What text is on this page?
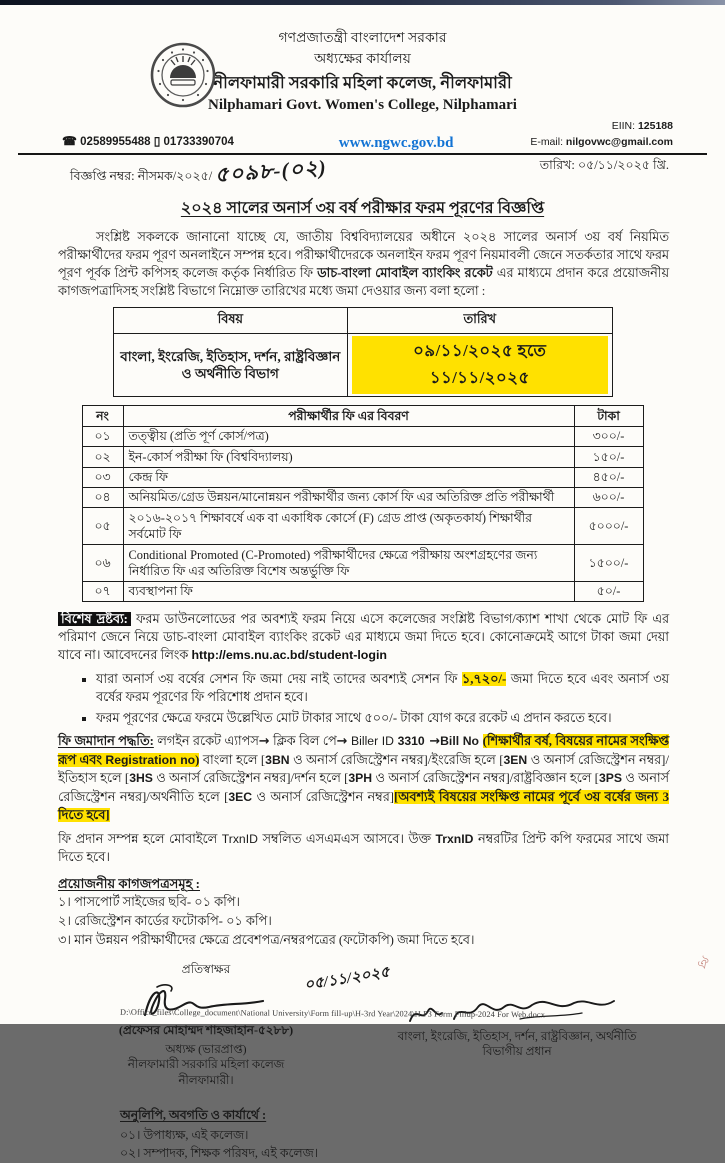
গণপ্রজাতন্ত্রী বাংলাদেশ সরকার
অধ্যক্ষের কার্যালয়
নীলফামারী সরকারি মহিলা কলেজ, নীলফামারী
Nilphamari Govt. Women's College, Nilphamari
☎ 02589955488 ▯ 01733390704	www.ngwc.gov.bd
EIIN: 125188
E-mail: nilgovwc@gmail.com
বিজ্ঞপ্তি নম্বর: নীসমক/২০২৫/ ৫০৯৮-(০২)	তারিখ: ০৫/১১/২০২৫ খ্রি.
২০২৪ সালের অনার্স ৩য় বর্ষ পরীক্ষার ফরম পূরণের বিজ্ঞপ্তি

সংশ্লিষ্ট সকলকে জানানো যাচ্ছে যে, জাতীয় বিশ্ববিদ্যালয়ের অধীনে ২০২৪ সালের অনার্স ৩য় বর্ষ নিয়মিত পরীক্ষার্থীদের ফরম পূরণ অনলাইনে সম্পন্ন হবে। পরীক্ষার্থীদেরকে অনলাইন ফরম পূরণ নিয়মাবলী জেনে সতর্কতার সাথে ফরম পূরণ পূর্বক প্রিন্ট কপিসহ কলেজ কর্তৃক নির্ধারিত ফি ডাচ-বাংলা মোবাইল ব্যাংকিং রকেট এর মাধ্যমে প্রদান করে প্রয়োজনীয় কাগজপত্রাদিসহ সংশ্লিষ্ট বিভাগে নিম্নোক্ত তারিখের মধ্যে জমা দেওয়ার জন্য বলা হলো :

বিষয়	তারিখ
বাংলা, ইংরেজি, ইতিহাস, দর্শন, রাষ্ট্রবিজ্ঞান ও অর্থনীতি বিভাগ	০৯/১১/২০২৫ হতে ১১/১১/২০২৫
নং	পরীক্ষার্থীর ফি এর বিবরণ	টাকা
০১	তত্ত্বীয় (প্রতি পূর্ণ কোর্স/পত্র)	৩০০/-
০২	ইন-কোর্স পরীক্ষা ফি (বিশ্ববিদ্যালয়)	১৫০/-
০৩	কেন্দ্র ফি	৪৫০/-
০৪	অনিয়মিত/গ্রেড উন্নয়ন/মানোন্নয়ন পরীক্ষার্থীর জন্য কোর্স ফি এর অতিরিক্ত প্রতি পরীক্ষার্থী	৬০০/-
০৫	২০১৬-২০১৭ শিক্ষাবর্ষে এক বা একাধিক কোর্সে (F) গ্রেড প্রাপ্ত (অকৃতকার্য) শিক্ষার্থীর সর্বমোট ফি	৫০০০/-
০৬	Conditional Promoted (C-Promoted) পরীক্ষার্থীদের ক্ষেত্রে পরীক্ষায় অংশগ্রহণের জন্য নির্ধারিত ফি এর অতিরিক্ত বিশেষ অন্তর্ভুক্তি ফি	১৫০০/-
০৭	ব্যবস্থাপনা ফি	৫০/-

বিশেষ দ্রষ্টব্য: ফরম ডাউনলোডের পর অবশ্যই ফরম নিয়ে এসে কলেজের সংশ্লিষ্ট বিভাগ/ক্যাশ শাখা থেকে মোট ফি এর পরিমাণ জেনে নিয়ে ডাচ-বাংলা মোবাইল ব্যাংকিং রকেট এর মাধ্যমে জমা দিতে হবে। কোনোক্রমেই আগে টাকা জমা দেয়া যাবে না। আবেদনের লিংক http://ems.nu.ac.bd/student-login

▪ যারা অনার্স ৩য় বর্ষের সেশন ফি জমা দেয় নাই তাদের অবশ্যই সেশন ফি ১,৭২০/- জমা দিতে হবে এবং অনার্স ৩য় বর্ষের ফরম পূরণের ফি পরিশোধ প্রদান হবে।
▪ ফরম পূরণের ক্ষেত্রে ফরমে উল্লেখিত মোট টাকার সাথে ৫০০/- টাকা যোগ করে রকেট এ প্রদান করতে হবে।

ফি জমাদান পদ্ধতি: লগইন রকেট এ্যাপস→ ক্লিক বিল পে→ Biller ID 3310 →Bill No (শিক্ষার্থীর বর্ষ, বিষয়ের নামের সংক্ষিপ্ত রূপ এবং Registration no) বাংলা হলে [3BN ও অনার্স রেজিস্ট্রেশন নম্বর]/ইংরেজি হলে [3EN ও অনার্স রেজিস্ট্রেশন নম্বর]/ইতিহাস হলে [3HS ও অনার্স রেজিস্ট্রেশন নম্বর]/দর্শন হলে [3PH ও অনার্স রেজিস্ট্রেশন নম্বর]/রাষ্ট্রবিজ্ঞান হলে [3PS ও অনার্স রেজিস্ট্রেশন নম্বর]/অর্থনীতি হলে [3EC ও অনার্স রেজিস্ট্রেশন নম্বর][অবশ্যই বিষয়ের সংক্ষিপ্ত নামের পূর্বে ৩য় বর্ষের জন্য 3 দিতে হবে]

ফি প্রদান সম্পন্ন হলে মোবাইলে TrxnID সম্বলিত এসএমএস আসবে। উক্ত TrxnID নম্বরটির প্রিন্ট কপি ফরমের সাথে জমা দিতে হবে।

প্রয়োজনীয় কাগজপত্রসমূহ :
১। পাসপোর্ট সাইজের ছবি- ০১ কপি।
২। রেজিস্ট্রেশন কার্ডের ফটোকপি- ০১ কপি।
৩। মান উন্নয়ন পরীক্ষার্থীদের ক্ষেত্রে প্রবেশপত্র/নম্বরপত্রের (ফটোকপি) জমা দিতে হবে।
প্রতিস্বাক্ষর	০৫/১১/২০২৫
(প্রফেসর মোহাম্মদ শাহজাহান-৫২৮৮)
অধ্যক্ষ (ভারপ্রাপ্ত)
নীলফামারী সরকারি মহিলা কলেজ
নীলফামারী।
বাংলা, ইংরেজি, ইতিহাস, দর্শন, রাষ্ট্রবিজ্ঞান, অর্থনীতি
বিভাগীয় প্রধান
অনুলিপি, অবগতি ও কার্যার্থে :
০১। উপাধ্যক্ষ, এই কলেজ।
০২। সম্পাদক, শিক্ষক পরিষদ, এই কলেজ।
ঐ
D:\Office_files\College_document\National University\Form fill-up\H-3rd Year\2024\H P3 Form Fillup-2024 For Web.docx
